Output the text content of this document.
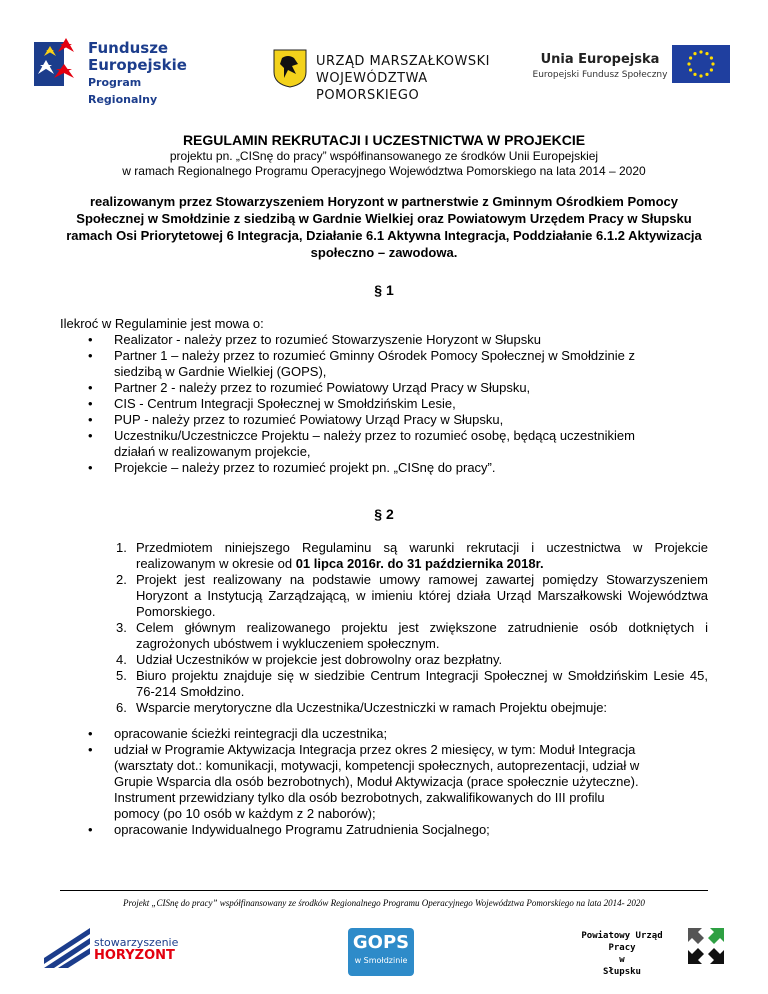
Fundusze
Europejskie
Program Regionalny
URZĄD MARSZAŁKOWSKI
WOJEWÓDZTWA POMORSKIEGO
Unia Europejska
Europejski Fundusz Społeczny
REGULAMIN REKRUTACJI I UCZESTNICTWA W PROJEKCIE
projektu pn. „CISnę do pracy” współfinansowanego ze środków Unii Europejskiej
w ramach Regionalnego Programu Operacyjnego Województwa Pomorskiego na lata 2014 – 2020
realizowanym przez Stowarzyszeniem Horyzont w partnerstwie z Gminnym Ośrodkiem Pomocy Społecznej w Smołdzinie z siedzibą w Gardnie Wielkiej oraz Powiatowym Urzędem Pracy w Słupsku ramach Osi Priorytetowej 6 Integracja, Działanie 6.1 Aktywna Integracja, Poddziałanie 6.1.2 Aktywizacja społeczno – zawodowa.
§ 1
Ilekroć w Regulaminie jest mowa o:
• Realizator - należy przez to rozumieć Stowarzyszenie Horyzont w Słupsku
• Partner 1 – należy przez to rozumieć Gminny Ośrodek Pomocy Społecznej w Smołdzinie z siedzibą w Gardnie Wielkiej (GOPS),
• Partner 2 - należy przez to rozumieć Powiatowy Urząd Pracy w Słupsku,
• CIS - Centrum Integracji Społecznej w Smołdzińskim Lesie,
• PUP - należy przez to rozumieć Powiatowy Urząd Pracy w Słupsku,
• Uczestniku/Uczestniczce Projektu – należy przez to rozumieć osobę, będącą uczestnikiem działań w realizowanym projekcie,
• Projekcie – należy przez to rozumieć projekt pn. „CISnę do pracy”.
§ 2
1. Przedmiotem niniejszego Regulaminu są warunki rekrutacji i uczestnictwa w Projekcie realizowanym w okresie od 01 lipca 2016r. do 31 października 2018r.
2. Projekt jest realizowany na podstawie umowy ramowej zawartej pomiędzy Stowarzyszeniem Horyzont a Instytucją Zarządzającą, w imieniu której działa Urząd Marszałkowski Województwa Pomorskiego.
3. Celem głównym realizowanego projektu jest zwiększone zatrudnienie osób dotkniętych i zagrożonych ubóstwem i wykluczeniem społecznym.
4. Udział Uczestników w projekcie jest dobrowolny oraz bezpłatny.
5. Biuro projektu znajduje się w siedzibie Centrum Integracji Społecznej w Smołdzińskim Lesie 45, 76-214 Smołdzino.
6. Wsparcie merytoryczne dla Uczestnika/Uczestniczki w ramach Projektu obejmuje:
• opracowanie ścieżki reintegracji dla uczestnika;
• udział w Programie Aktywizacja Integracja przez okres 2 miesięcy, w tym: Moduł Integracja (warsztaty dot.: komunikacji, motywacji, kompetencji społecznych, autoprezentacji, udział w Grupie Wsparcia dla osób bezrobotnych), Moduł Aktywizacja (prace społecznie użyteczne). Instrument przewidziany tylko dla osób bezrobotnych, zakwalifikowanych do III profilu pomocy (po 10 osób w każdym z 2 naborów);
• opracowanie Indywidualnego Programu Zatrudnienia Socjalnego;
Projekt „CISnę do pracy” współfinansowany ze środków Regionalnego Programu Operacyjnego Województwa Pomorskiego na lata 2014- 2020
stowarzyszenie
HORYZONT
GOPS
w Smołdzinie
Powiatowy Urząd Pracy
w
Słupsku
